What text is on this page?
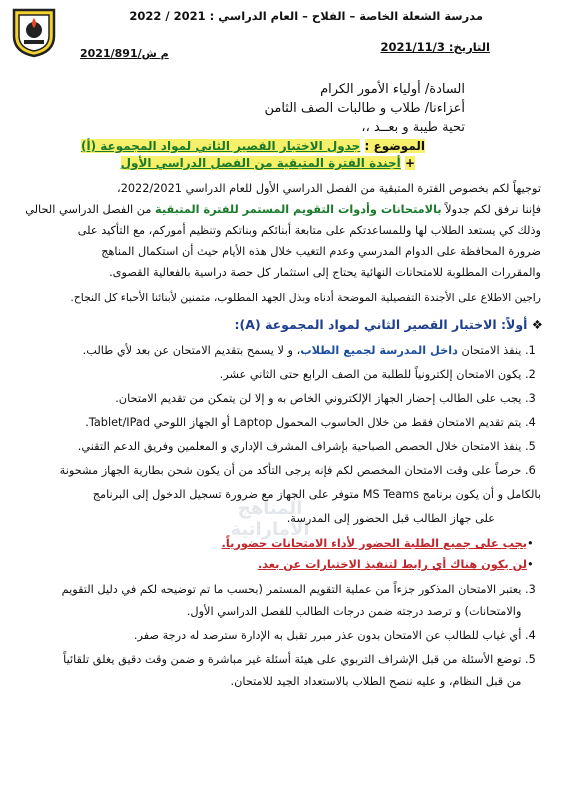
مدرسة الشعلة الخاصة – الفلاح – العام الدراسي : 2021 / 2022
التاريخ: 2021/11/3
م ش/2021/891
السادة/ أولياء الأمور الكرام
أعزاءنا/ طلاب و طالبات الصف الثامن
تحية طيبة و بعــد ،،
الموضوع : جدول الاختبار القصير الثاني لمواد المجموعة (أ)
+ أجندة الفترة المتبقية من الفصل الدراسي الأول
توجيهاً لكم بخصوص الفترة المتبقية من الفصل الدراسي الأول للعام الدراسي 2022/2021،
فإننا نرفق لكم جدولاً بالامتحانات وأدوات التقويم المستمر للفترة المتبقية من الفصل الدراسي الحالي
وذلك كي يستعد الطلاب لها وللمساعدتكم على متابعة أبنائكم وبناتكم وتنظيم أموركم، مع التأكيد على
ضرورة المحافظة على الدوام المدرسي وعدم التغيب خلال هذه الأيام حيث أن استكمال المناهج
والمقررات المطلوبة للامتحانات النهائية يحتاج إلى استثمار كل حصة دراسية بالفعالية القصوى.
راجين الاطلاع على الأجندة التفصيلية الموضحة أدناه وبذل الجهد المطلوب، متمنين لأبنائنا الأحباء كل النجاح.
❖ أولاً: الاختبار القصير الثاني لمواد المجموعة (A):
1. ينفذ الامتحان داخل المدرسة لجميع الطلاب، و لا يسمح بتقديم الامتحان عن بعد لأي طالب.
2. يكون الامتحان إلكترونياً للطلبة من الصف الرابع حتى الثاني عشر.
3. يجب على الطالب إحضار الجهاز الإلكتروني الخاص به و إلا لن يتمكن من تقديم الامتحان.
4. يتم تقديم الامتحان فقط من خلال الحاسوب المحمول Laptop أو الجهاز اللوحي Tablet/IPad.
5. ينفذ الامتحان خلال الحصص الصباحية بإشراف المشرف الإداري و المعلمين وفريق الدعم التقني.
6. حرصاً على وقت الامتحان المخصص لكم فإنه يرجى التأكد من أن يكون شحن بطارية الجهاز مشحونة
بالكامل و أن يكون برنامج MS Teams متوفر على الجهاز مع ضرورة تسجيل الدخول إلى البرنامج
على جهاز الطالب قبل الحضور إلى المدرسة.
المناهج الاماراتية
•يجب على جميع الطلبة الحضور لأداء الامتحانات حضورياً.
•لن يكون هناك أي رابط لتنفيذ الاختبارات عن بعد.
3. يعتبر الامتحان المذكور جزءاً من عملية التقويم المستمر (بحسب ما تم توضيحه لكم في دليل التقويم
والامتحانات) و ترصد درجته ضمن درجات الطالب للفصل الدراسي الأول.
4. أي غياب للطالب عن الامتحان بدون عذر مبرر تقبل به الإدارة سترصد له درجة صفر.
5. توضع الأسئلة من قبل الإشراف التربوي على هيئة أسئلة غير مباشرة و ضمن وقت دقيق يغلق تلقائياً
من قبل النظام، و عليه ننصح الطلاب بالاستعداد الجيد للامتحان.
